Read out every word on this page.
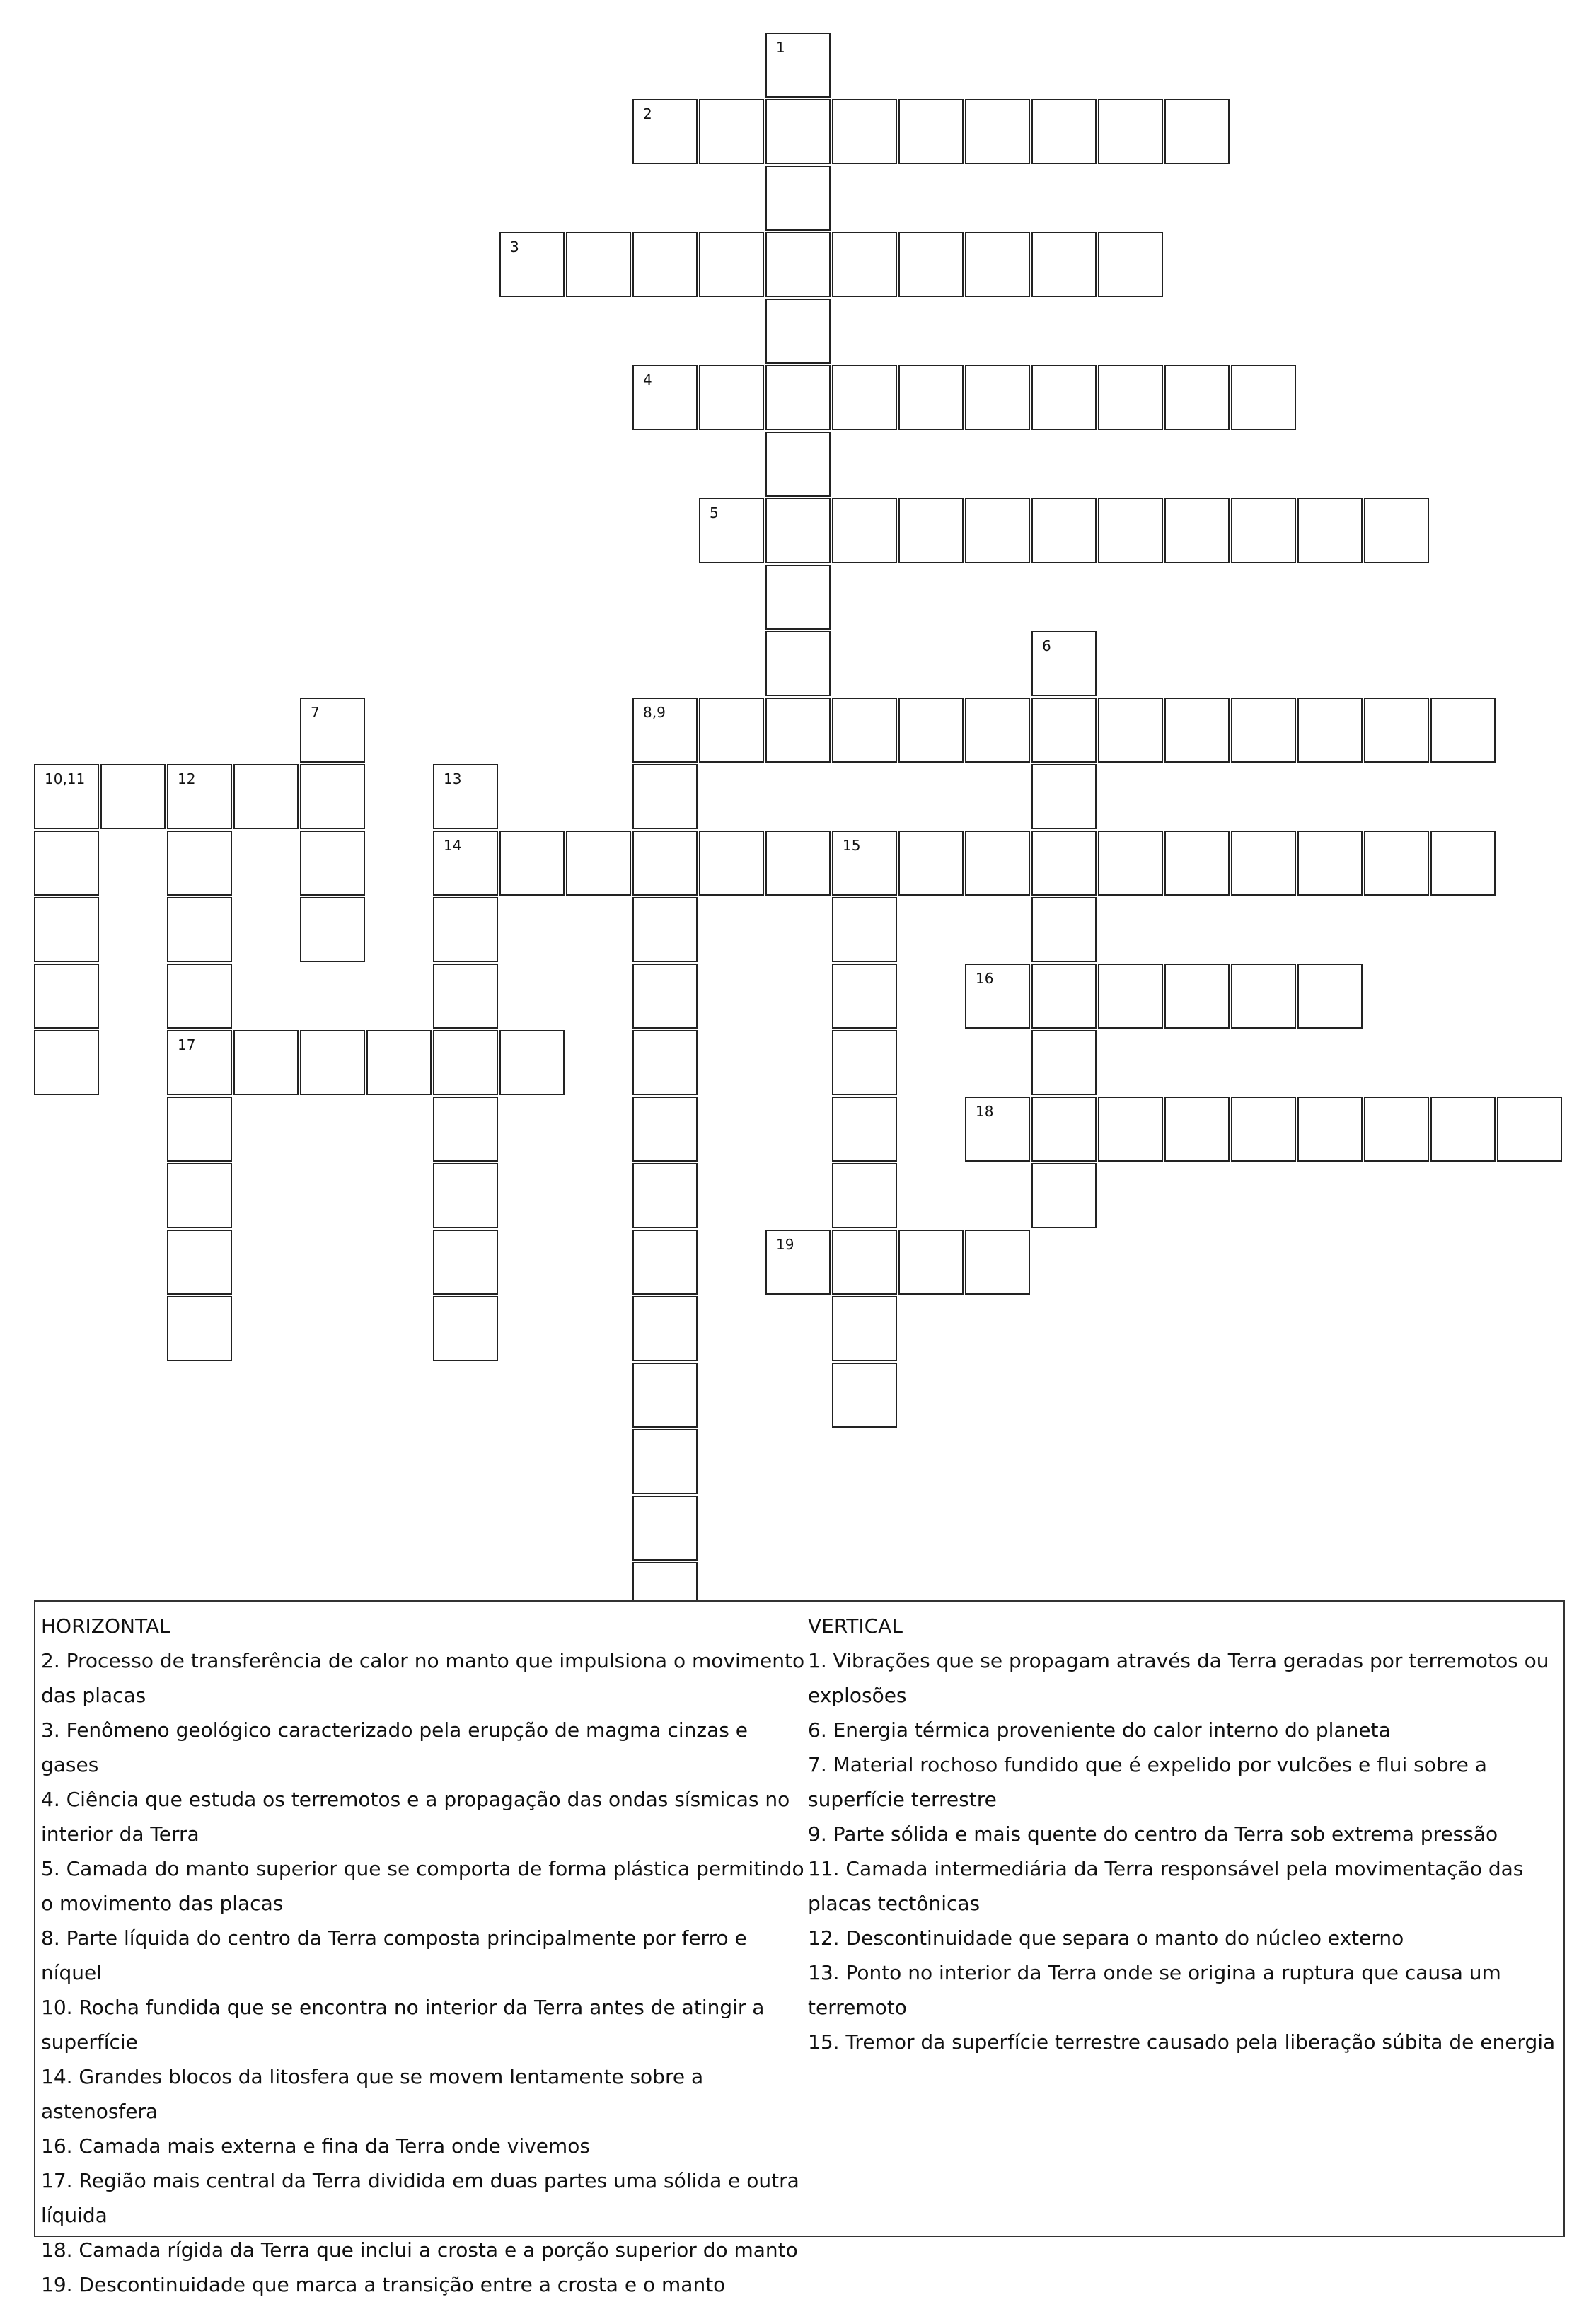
1
2
3
4
5
6
7	8,9
10,11	12
17
13
14	15
16
18
19
HORIZONTAL
2. Processo de transferência de calor no manto que impulsiona o movimento das placas
3. Fenômeno geológico caracterizado pela erupção de magma cinzas e gases
4. Ciência que estuda os terremotos e a propagação das ondas sísmicas no interior da Terra
5. Camada do manto superior que se comporta de forma plástica permitindo o movimento das placas
8. Parte líquida do centro da Terra composta principalmente por ferro e níquel
10. Rocha fundida que se encontra no interior da Terra antes de atingir a superfície
14. Grandes blocos da litosfera que se movem lentamente sobre a astenosfera
16. Camada mais externa e fina da Terra onde vivemos
17. Região mais central da Terra dividida em duas partes uma sólida e outra líquida
18. Camada rígida da Terra que inclui a crosta e a porção superior do manto
19. Descontinuidade que marca a transição entre a crosta e o manto
VERTICAL
1. Vibrações que se propagam através da Terra geradas por terremotos ou explosões
6. Energia térmica proveniente do calor interno do planeta
7. Material rochoso fundido que é expelido por vulcões e flui sobre a superfície terrestre
9. Parte sólida e mais quente do centro da Terra sob extrema pressão
11. Camada intermediária da Terra responsável pela movimentação das placas tectônicas
12. Descontinuidade que separa o manto do núcleo externo
13. Ponto no interior da Terra onde se origina a ruptura que causa um terremoto
15. Tremor da superfície terrestre causado pela liberação súbita de energia
